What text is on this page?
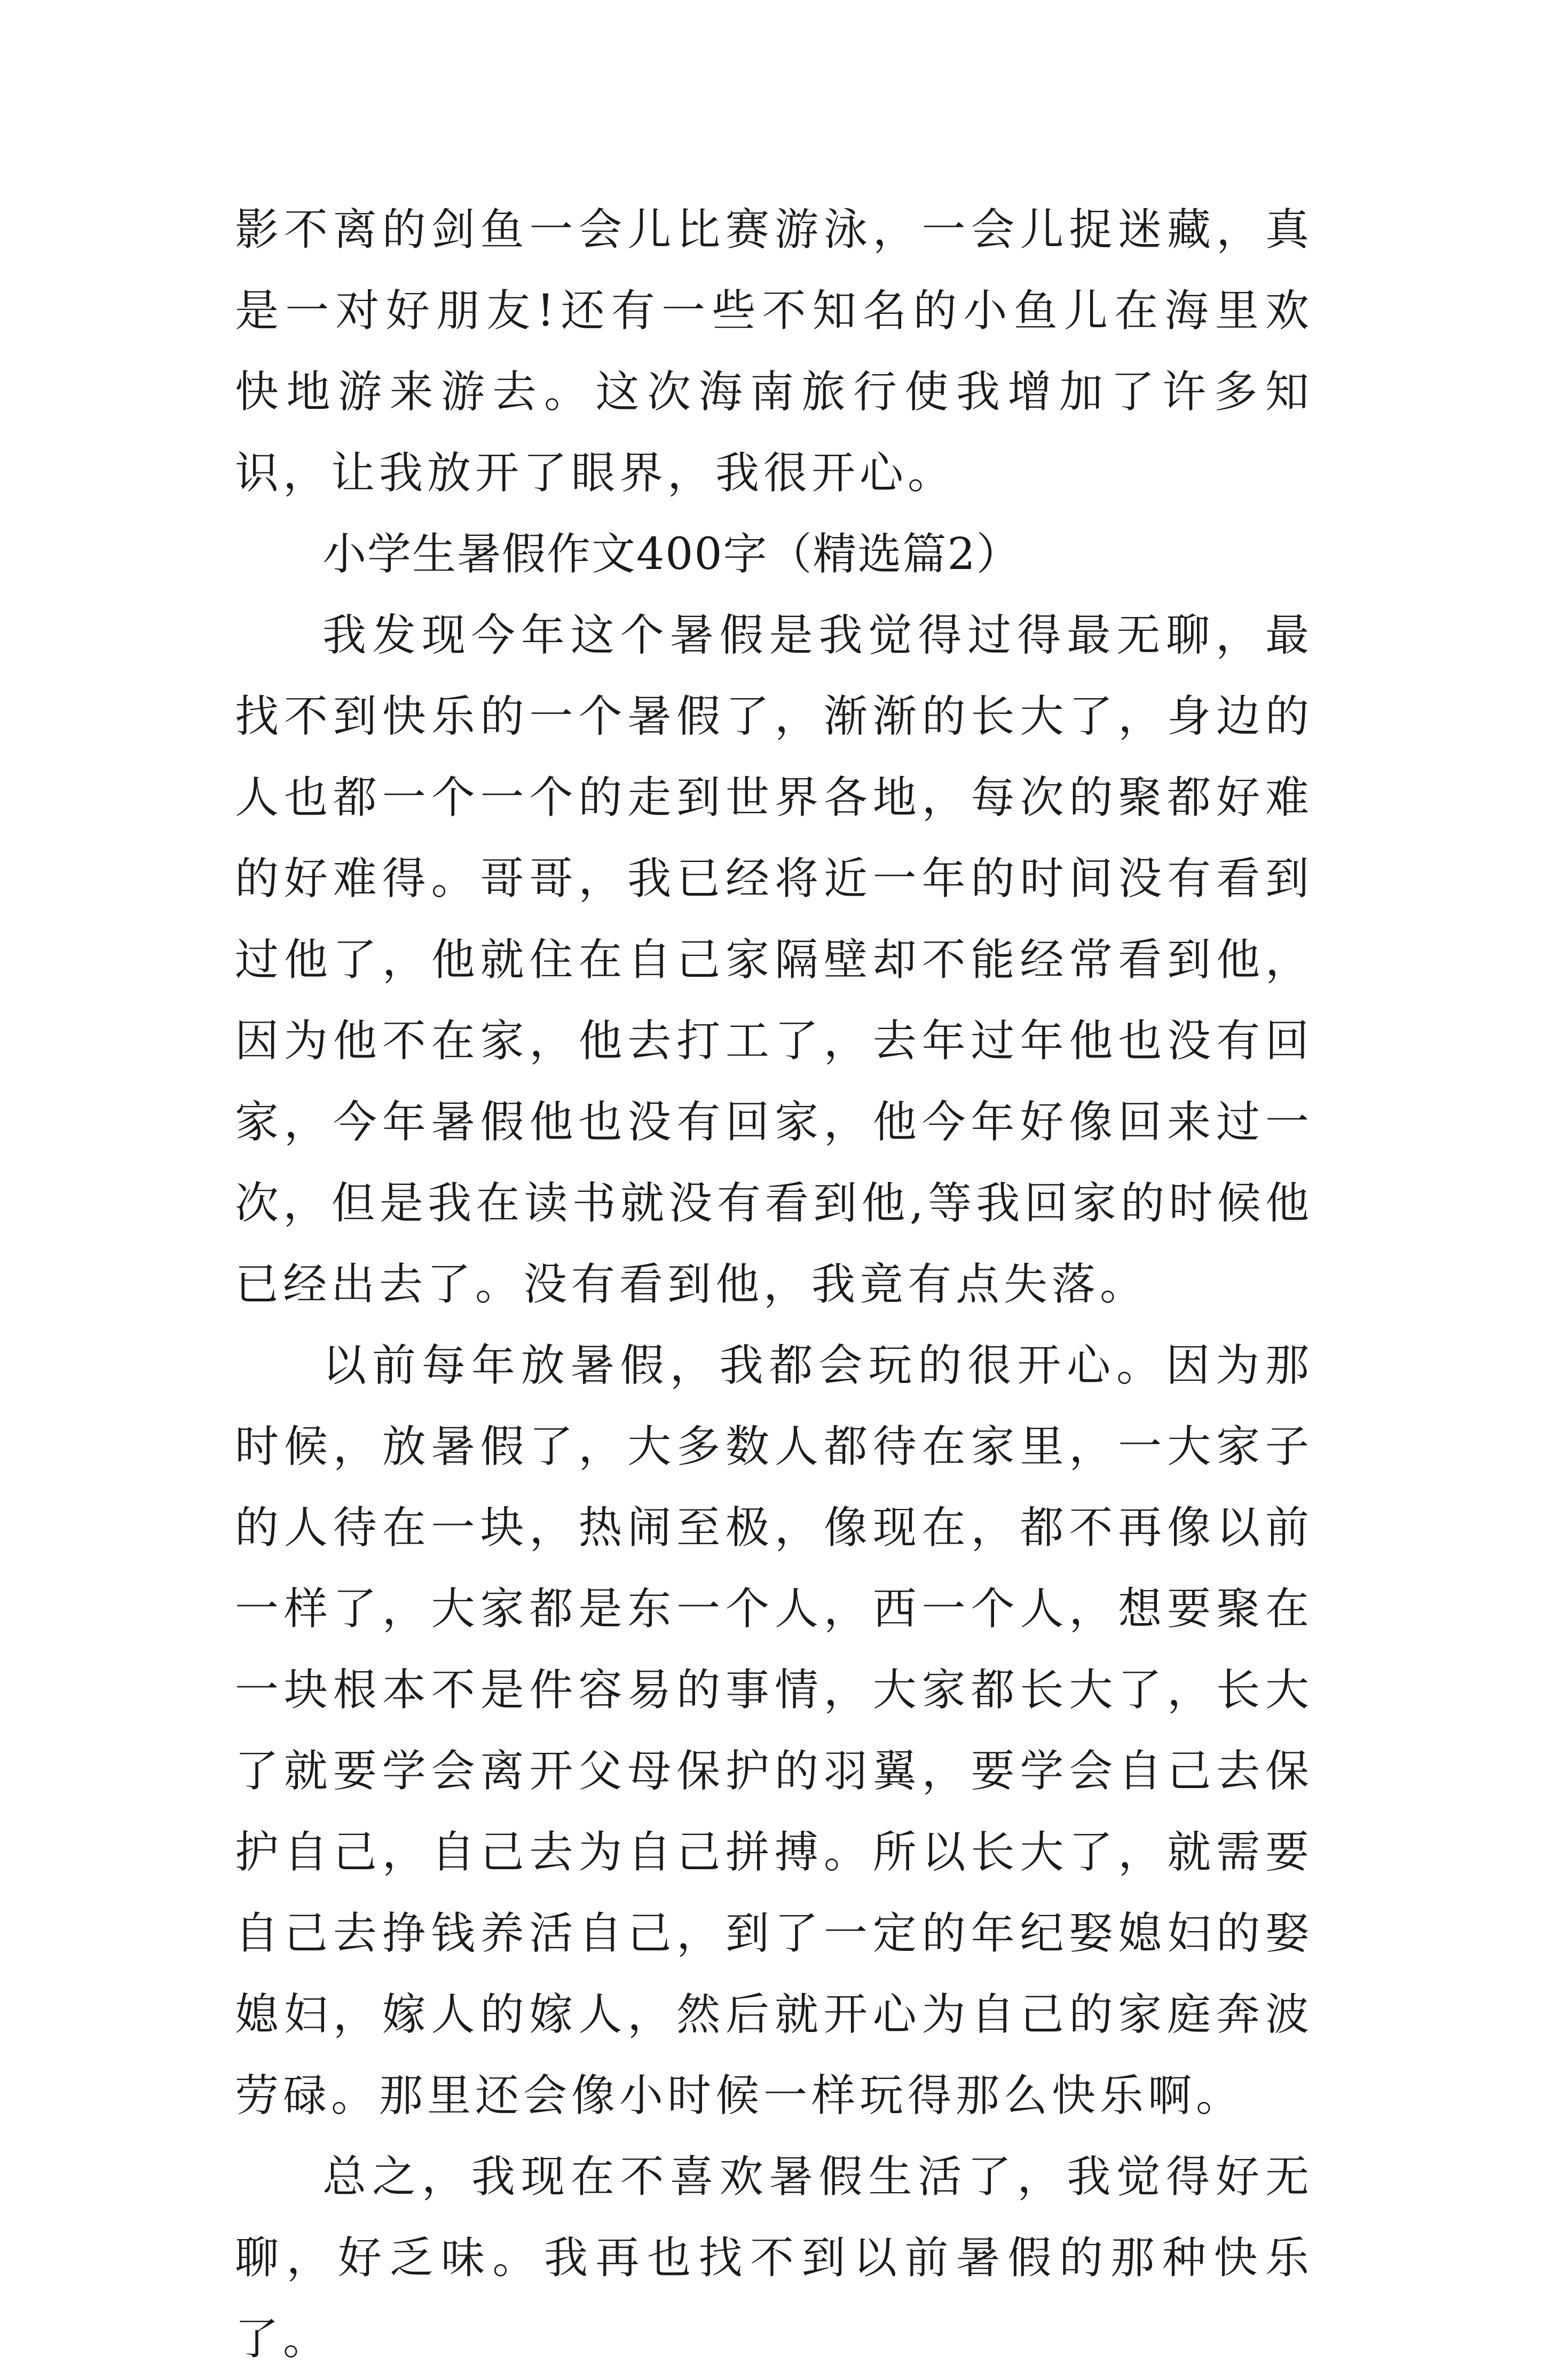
影不离的剑鱼一会儿比赛游泳，一会儿捉迷藏，真是一对好朋友!还有一些不知名的小鱼儿在海里欢快地游来游去。这次海南旅行使我增加了许多知识，让我放开了眼界，我很开心。

小学生暑假作文400字（精选篇2）

我发现今年这个暑假是我觉得过得最无聊，最找不到快乐的一个暑假了，渐渐的长大了，身边的人也都一个一个的走到世界各地，每次的聚都好难的好难得。哥哥，我已经将近一年的时间没有看到过他了，他就住在自己家隔壁却不能经常看到他，因为他不在家，他去打工了，去年过年他也没有回家，今年暑假他也没有回家，他今年好像回来过一次，但是我在读书就没有看到他,等我回家的时候他已经出去了。没有看到他，我竟有点失落。

以前每年放暑假，我都会玩的很开心。因为那时候，放暑假了，大多数人都待在家里，一大家子的人待在一块，热闹至极，像现在，都不再像以前一样了，大家都是东一个人，西一个人，想要聚在一块根本不是件容易的事情，大家都长大了，长大了就要学会离开父母保护的羽翼，要学会自己去保护自己，自己去为自己拼搏。所以长大了，就需要自己去挣钱养活自己，到了一定的年纪娶媳妇的娶媳妇，嫁人的嫁人，然后就开心为自己的家庭奔波劳碌。那里还会像小时候一样玩得那么快乐啊。

总之，我现在不喜欢暑假生活了，我觉得好无聊，好乏味。我再也找不到以前暑假的那种快乐了。
